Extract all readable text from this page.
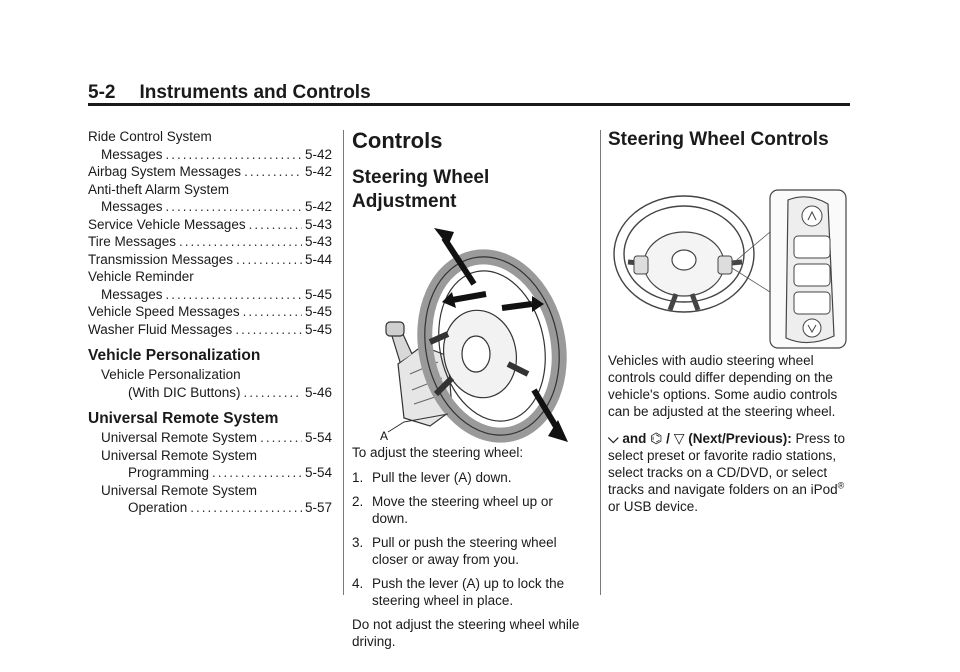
5-2 Instruments and Controls
Ride Control System
Messages .....	5-42
Airbag System Messages .....	5-42
Anti-theft Alarm System
Messages .....	5-42
Service Vehicle Messages .....	5-43
Tire Messages .....	5-43
Transmission Messages .....	5-44
Vehicle Reminder
Messages .....	5-45
Vehicle Speed Messages .....	5-45
Washer Fluid Messages .....	5-45
Vehicle Personalization
Vehicle Personalization
(With DIC Buttons) .....	5-46
Universal Remote System
Universal Remote System .....	5-54
Universal Remote System
Programming .....	5-54
Universal Remote System
Operation .....	5-57
Controls
Steering Wheel
Adjustment
A

To adjust the steering wheel:

1. Pull the lever (A) down.
2. Move the steering wheel up or down.
3. Pull or push the steering wheel closer or away from you.
4. Push the lever (A) up to lock the steering wheel in place.

Do not adjust the steering wheel while driving.

Steering Wheel Controls

Vehicles with audio steering wheel controls could differ depending on the vehicle's options. Some audio controls can be adjusted at the steering wheel.

⌵ and ⌬ / ▽ (Next/Previous): Press to select preset or favorite radio stations, select tracks on a CD/DVD, or select tracks and navigate folders on an iPod® or USB device.
